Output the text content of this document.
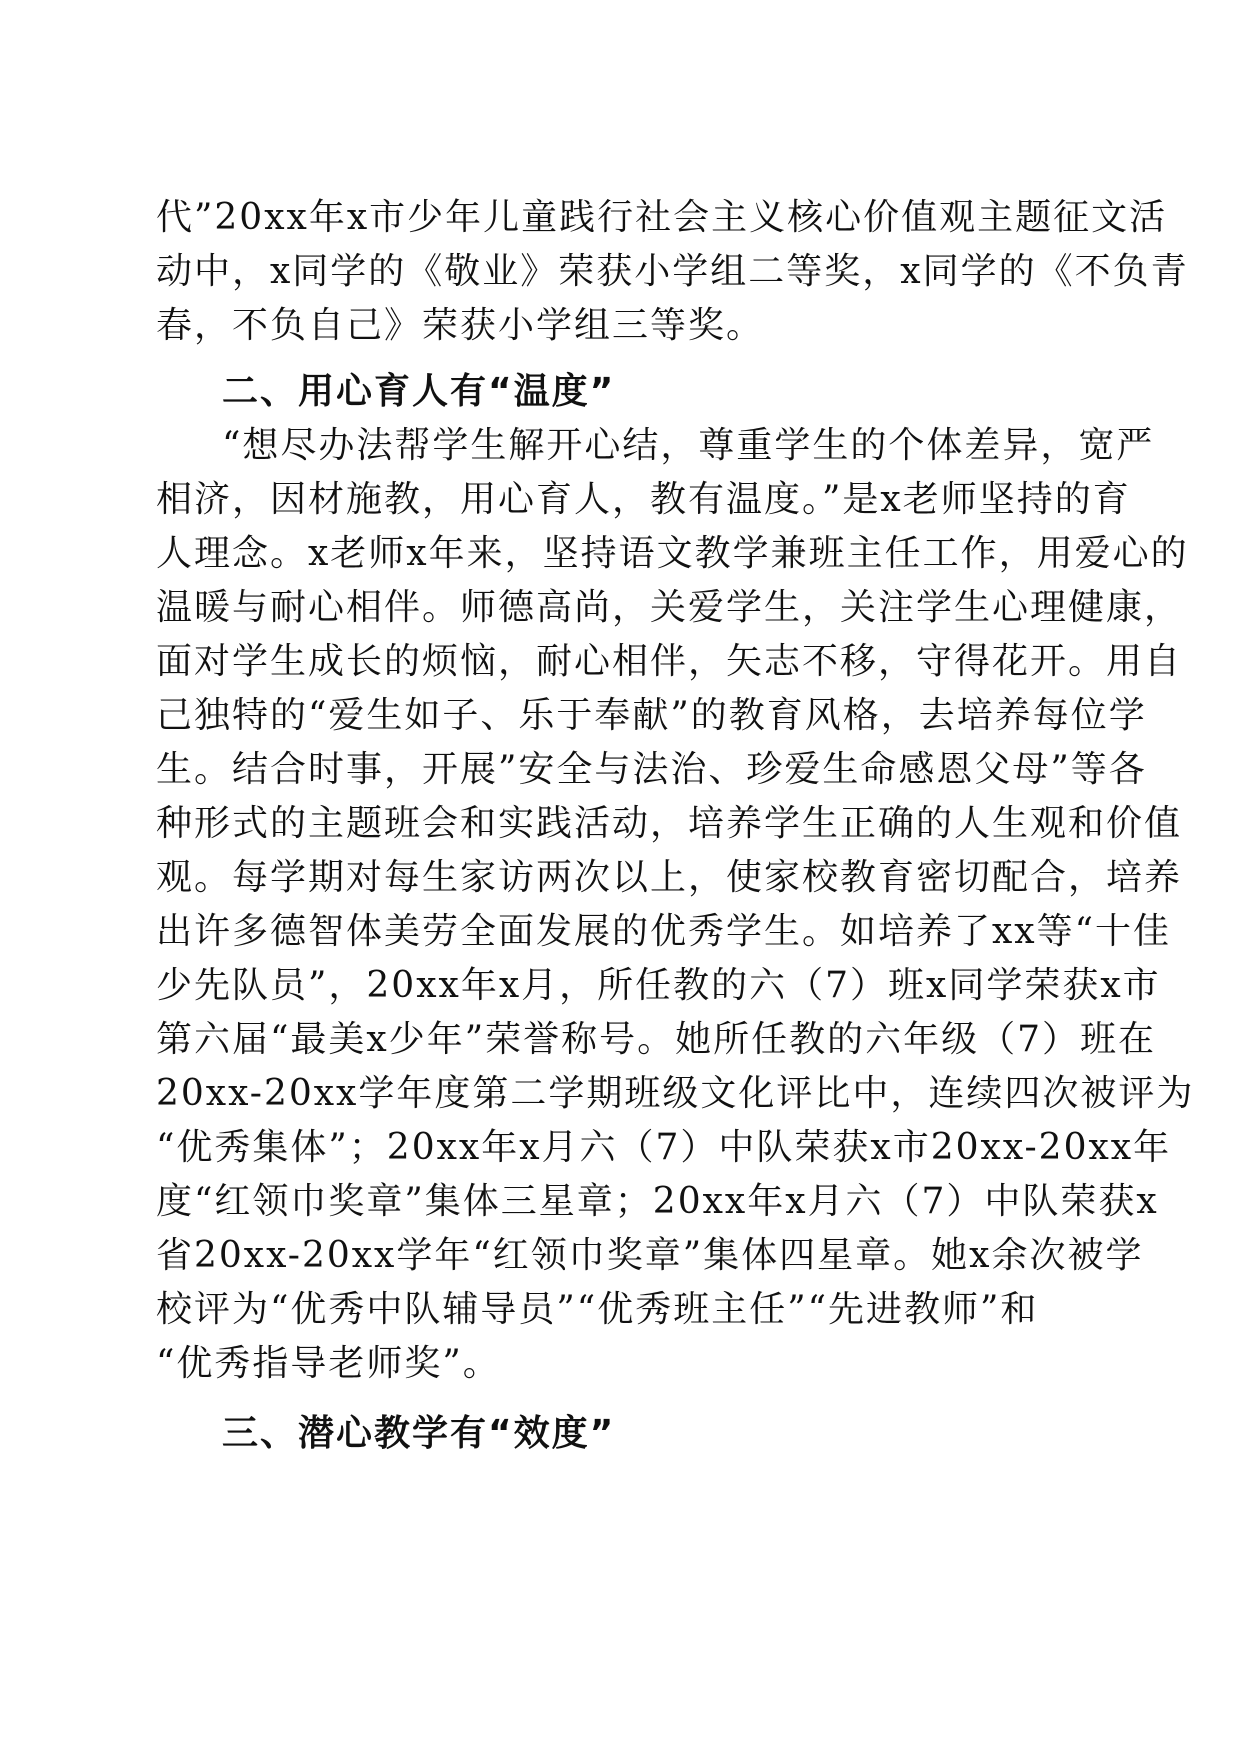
代”20xx年x市少年儿童践行社会主义核心价值观主题征文活
动中，x同学的《敬业》荣获小学组二等奖，x同学的《不负青
春，不负自己》荣获小学组三等奖。
二、用心育人有“温度”
“想尽办法帮学生解开心结，尊重学生的个体差异，宽严
相济，因材施教，用心育人，教有温度。”是x老师坚持的育
人理念。x老师x年来，坚持语文教学兼班主任工作，用爱心的
温暖与耐心相伴。师德高尚，关爱学生，关注学生心理健康，
面对学生成长的烦恼，耐心相伴，矢志不移，守得花开。用自
己独特的“爱生如子、乐于奉献”的教育风格，去培养每位学
生。结合时事，开展”安全与法治、珍爱生命感恩父母”等各
种形式的主题班会和实践活动，培养学生正确的人生观和价值
观。每学期对每生家访两次以上，使家校教育密切配合，培养
出许多德智体美劳全面发展的优秀学生。如培养了xx等“十佳
少先队员”，20xx年x月，所任教的六（7）班x同学荣获x市
第六届“最美x少年”荣誉称号。她所任教的六年级（7）班在
20xx-20xx学年度第二学期班级文化评比中，连续四次被评为
“优秀集体”；20xx年x月六（7）中队荣获x市20xx-20xx年
度“红领巾奖章”集体三星章；20xx年x月六（7）中队荣获x
省20xx-20xx学年“红领巾奖章”集体四星章。她x余次被学
校评为“优秀中队辅导员”“优秀班主任”“先进教师”和
“优秀指导老师奖”。
三、潜心教学有“效度”
